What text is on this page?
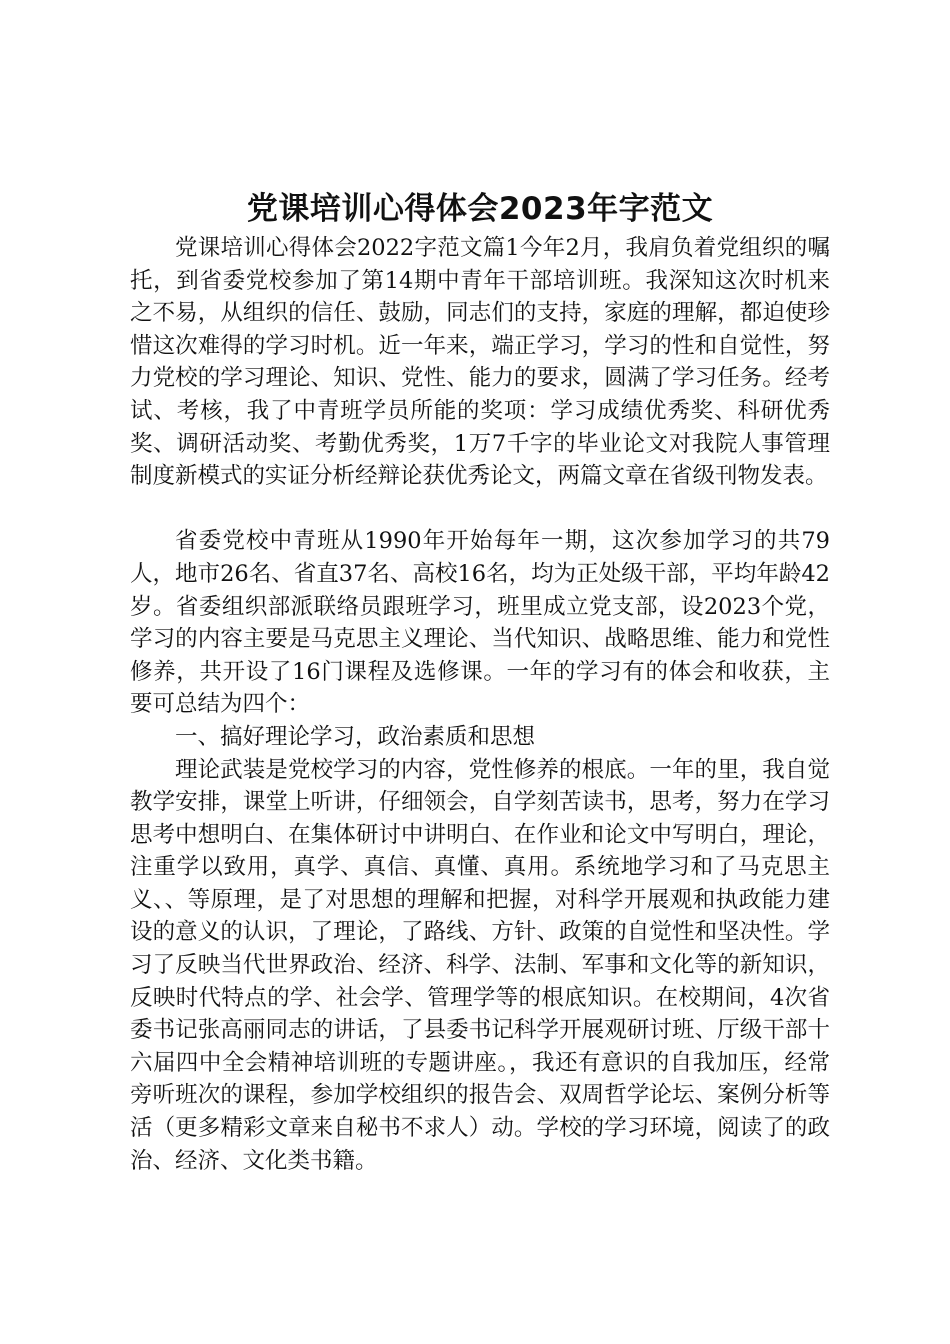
党课培训心得体会2023年字范文

党课培训心得体会2022字范文篇1今年2月，我肩负着党组织的嘱托，到省委党校参加了第14期中青年干部培训班。我深知这次时机来之不易，从组织的信任、鼓励，同志们的支持，家庭的理解，都迫使珍惜这次难得的学习时机。近一年来，端正学习，学习的性和自觉性，努力党校的学习理论、知识、党性、能力的要求，圆满了学习任务。经考试、考核，我了中青班学员所能的奖项：学习成绩优秀奖、科研优秀奖、调研活动奖、考勤优秀奖，1万7千字的毕业论文对我院人事管理制度新模式的实证分析经辩论获优秀论文，两篇文章在省级刊物发表。

省委党校中青班从1990年开始每年一期，这次参加学习的共79人，地市26名、省直37名、高校16名，均为正处级干部，平均年龄42岁。省委组织部派联络员跟班学习，班里成立党支部，设2023个党，学习的内容主要是马克思主义理论、当代知识、战略思维、能力和党性修养，共开设了16门课程及选修课。一年的学习有的体会和收获，主要可总结为四个：

一、搞好理论学习，政治素质和思想

理论武装是党校学习的内容，党性修养的根底。一年的里，我自觉教学安排，课堂上听讲，仔细领会，自学刻苦读书，思考，努力在学习思考中想明白、在集体研讨中讲明白、在作业和论文中写明白，理论，注重学以致用，真学、真信、真懂、真用。系统地学习和了马克思主义、、等原理，是了对思想的理解和把握，对科学开展观和执政能力建设的意义的认识，了理论，了路线、方针、政策的自觉性和坚决性。学习了反映当代世界政治、经济、科学、法制、军事和文化等的新知识，反映时代特点的学、社会学、管理学等的根底知识。在校期间，4次省委书记张高丽同志的讲话，了县委书记科学开展观研讨班、厅级干部十六届四中全会精神培训班的专题讲座。，我还有意识的自我加压，经常旁听班次的课程，参加学校组织的报告会、双周哲学论坛、案例分析等活（更多精彩文章来自秘书不求人）动。学校的学习环境，阅读了的政治、经济、文化类书籍。
